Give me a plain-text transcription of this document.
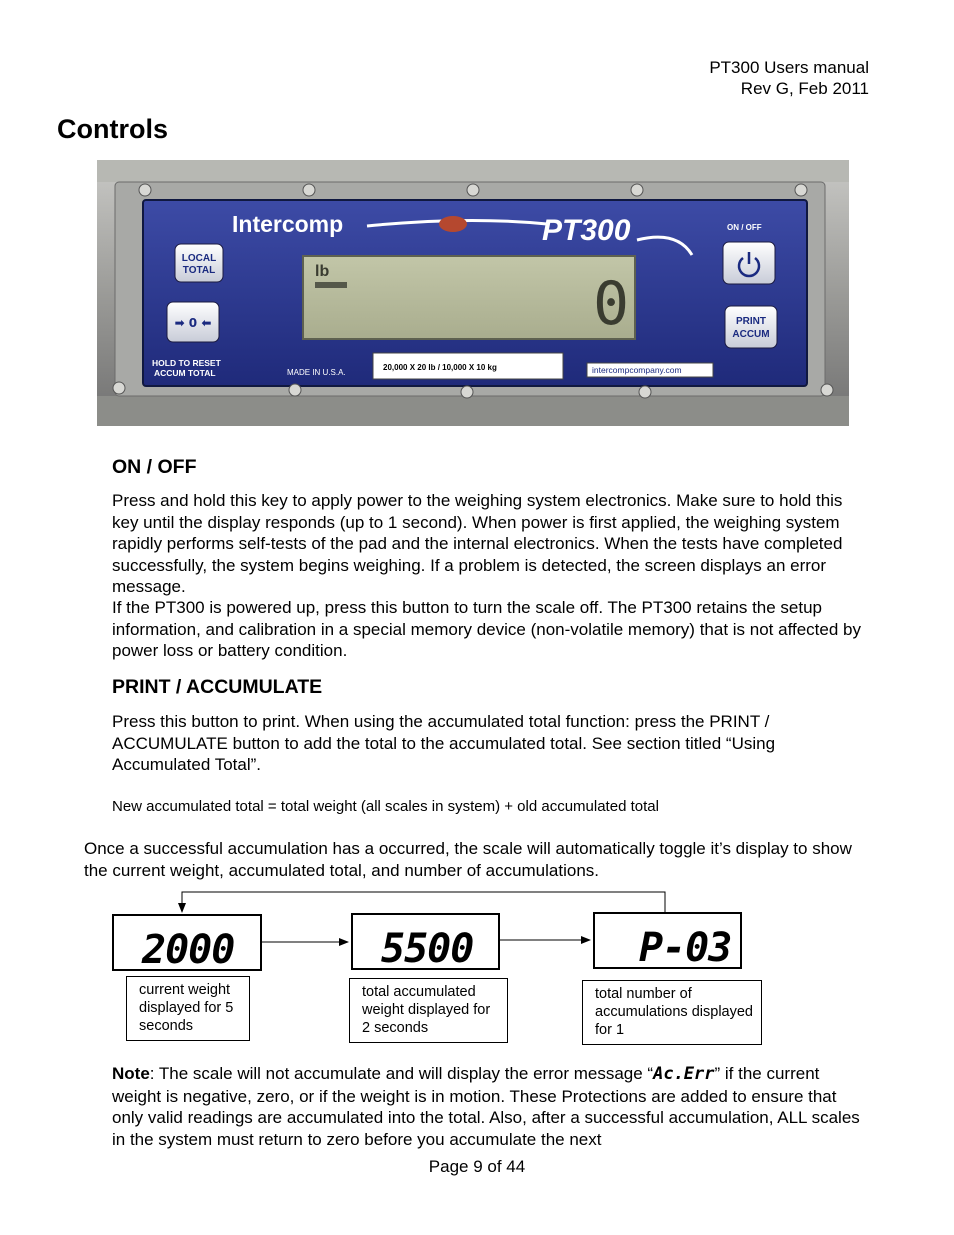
PT300 Users manual
Rev G, Feb 2011
Controls
Intercomp	PT300
lb	0
LOCAL
TOTAL
➡ 0 ⬅
HOLD TO RESET
ACCUM TOTAL	MADE IN U.S.A.
20,000 X 20 lb / 10,000 X 10 kg	intercompcompany.com
ON / OFF
PRINT
ACCUM
ON / OFF
Press and hold this key to apply power to the weighing system electronics. Make sure to hold this key until the display responds (up to 1 second). When power is first applied, the weighing system rapidly performs self-tests of the pad and the internal electronics. When the tests have completed successfully, the system begins weighing. If a problem is detected, the screen displays an error message.
If the PT300 is powered up, press this button to turn the scale off. The PT300 retains the setup information, and calibration in a special memory device (non-volatile memory) that is not affected by power loss or battery condition.
PRINT / ACCUMULATE
Press this button to print. When using the accumulated total function: press the PRINT / ACCUMULATE button to add the total to the accumulated total. See section titled “Using Accumulated Total”.
New accumulated total = total weight (all scales in system) + old accumulated total
Once a successful accumulation has a occurred, the scale will automatically toggle it’s display to show the current weight, accumulated total, and number of accumulations.
2000	5500	P-03
current weight displayed for 5 seconds
total accumulated weight displayed for 2 seconds
total number of accumulations displayed for 1
Note: The scale will not accumulate and will display the error message “Ac.Err” if the current weight is negative, zero, or if the weight is in motion. These Protections are added to ensure that only valid readings are accumulated into the total. Also, after a successful accumulation, ALL scales in the system must return to zero before you accumulate the next
Page 9 of 44
